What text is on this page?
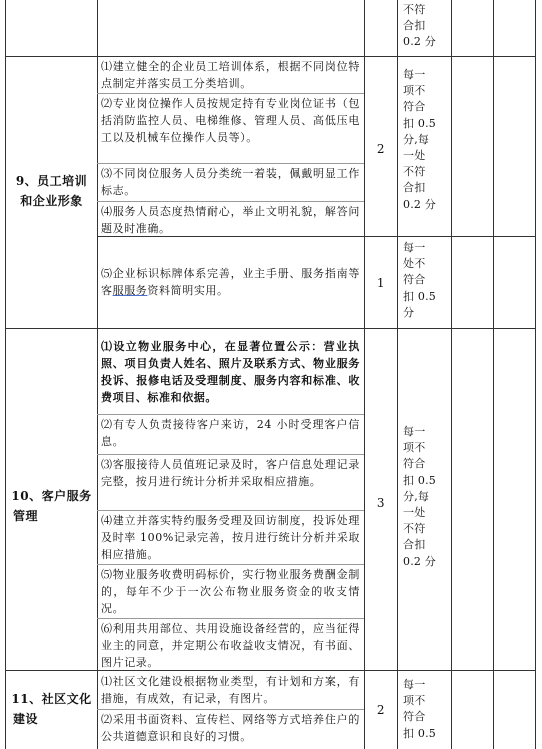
不符
合扣
0.2 分
9、员工培训
和企业形象
⑴建立健全的企业员工培训体系，根据不同岗位特点制定并落实员工分类培训。
⑵专业岗位操作人员按规定持有专业岗位证书（包括消防监控人员、电梯维修、管理人员、高低压电工以及机械车位操作人员等）。
⑶不同岗位服务人员分类统一着装，佩戴明显工作标志。
⑷服务人员态度热情耐心，举止文明礼貌，解答问题及时准确。
2
每一
项不
符合
扣 0.5
分,每
一处
不符
合扣
0.2 分
⑸企业标识标牌体系完善，业主手册、服务指南等客服服务资料简明实用。
1
每一
处不
符合
扣 0.5
分
10、客户服务
管理
⑴设立物业服务中心，在显著位置公示：营业执照、项目负责人姓名、照片及联系方式、物业服务投诉、报修电话及受理制度、服务内容和标准、收费项目、标准和依据。
⑵有专人负责接待客户来访，24 小时受理客户信息。
⑶客服接待人员值班记录及时，客户信息处理记录完整，按月进行统计分析并采取相应措施。
⑷建立并落实特约服务受理及回访制度，投诉处理及时率 100%记录完善，按月进行统计分析并采取相应措施。
⑸物业服务收费明码标价，实行物业服务费酬金制的，每年不少于一次公布物业服务资金的收支情况。
⑹利用共用部位、共用设施设备经营的，应当征得业主的同意，并定期公布收益收支情况，有书面、图片记录。
3
每一
项不
符合
扣 0.5
分,每
一处
不符
合扣
0.2 分
11、社区文化
建设
⑴社区文化建设根据物业类型，有计划和方案，有措施，有成效，有记录，有图片。
⑵采用书面资料、宣传栏、网络等方式培养住户的公共道德意识和良好的习惯。
2
每一
项不
符合
扣 0.5
